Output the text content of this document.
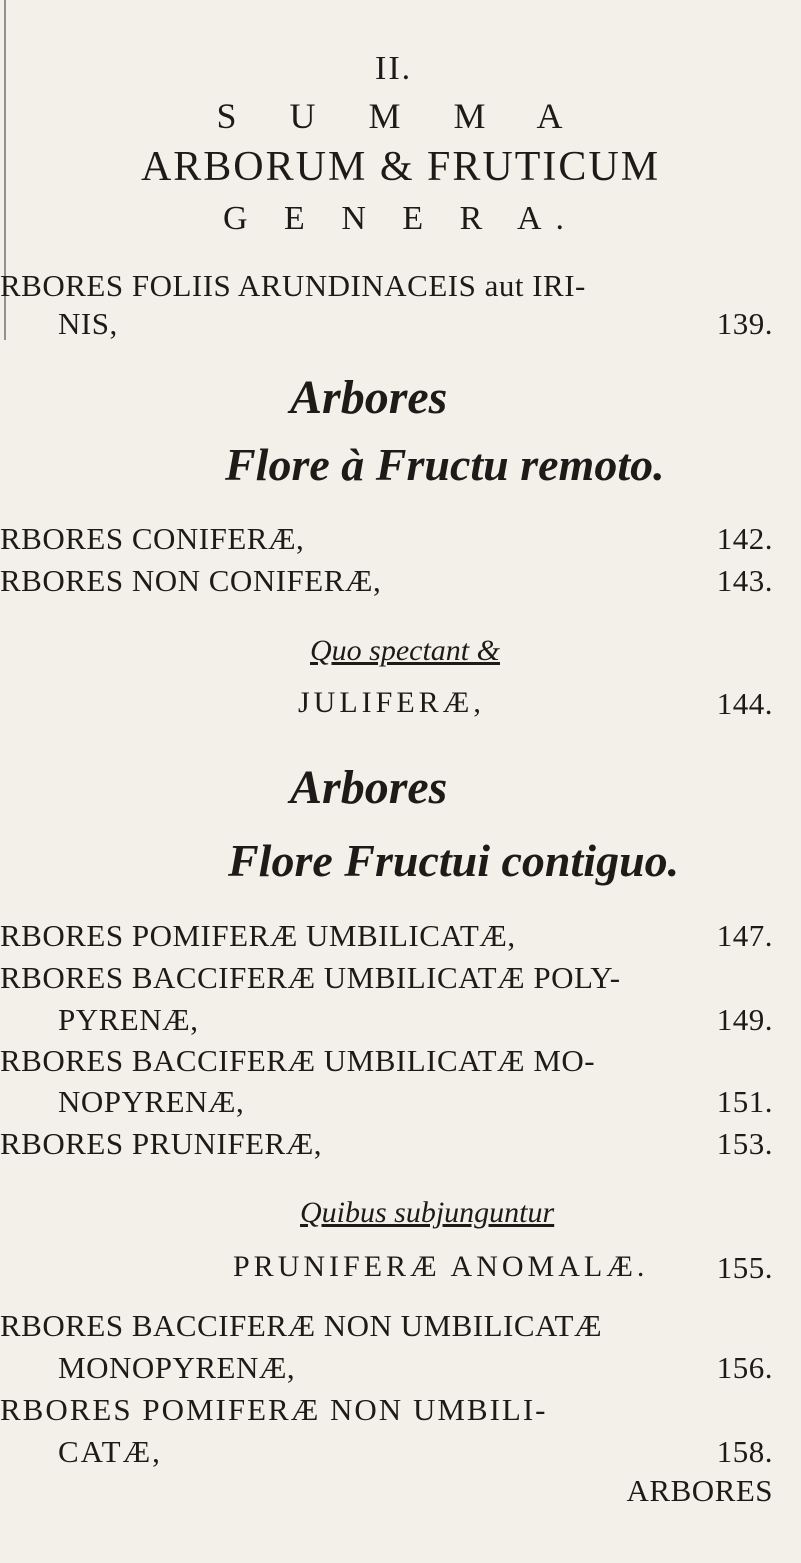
II.
S U M M A
ARBORUM & FRUTICUM
G E N E R A.
RBORES FOLIIS ARUNDINACEIS aut IRI-
NIS,	139.
Arbores
Flore à Fructu remoto.
RBORES CONIFERÆ,	142.
RBORES NON CONIFERÆ,	143.
Quo spectant &
JULIFERÆ,	144.
Arbores
Flore Fructui contiguo.
RBORES POMIFERÆ UMBILICATÆ,	147.
RBORES BACCIFERÆ UMBILICATÆ POLY-
PYRENÆ,	149.
RBORES BACCIFERÆ UMBILICATÆ MO-
NOPYRENÆ,	151.
RBORES PRUNIFERÆ,	153.
Quibus subjunguntur
PRUNIFERÆ ANOMALÆ. 155.
RBORES BACCIFERÆ NON UMBILICATÆ
MONOPYRENÆ,	156.
RBORES POMIFERÆ NON UMBILI-
CATÆ,	158.
ARBORES
